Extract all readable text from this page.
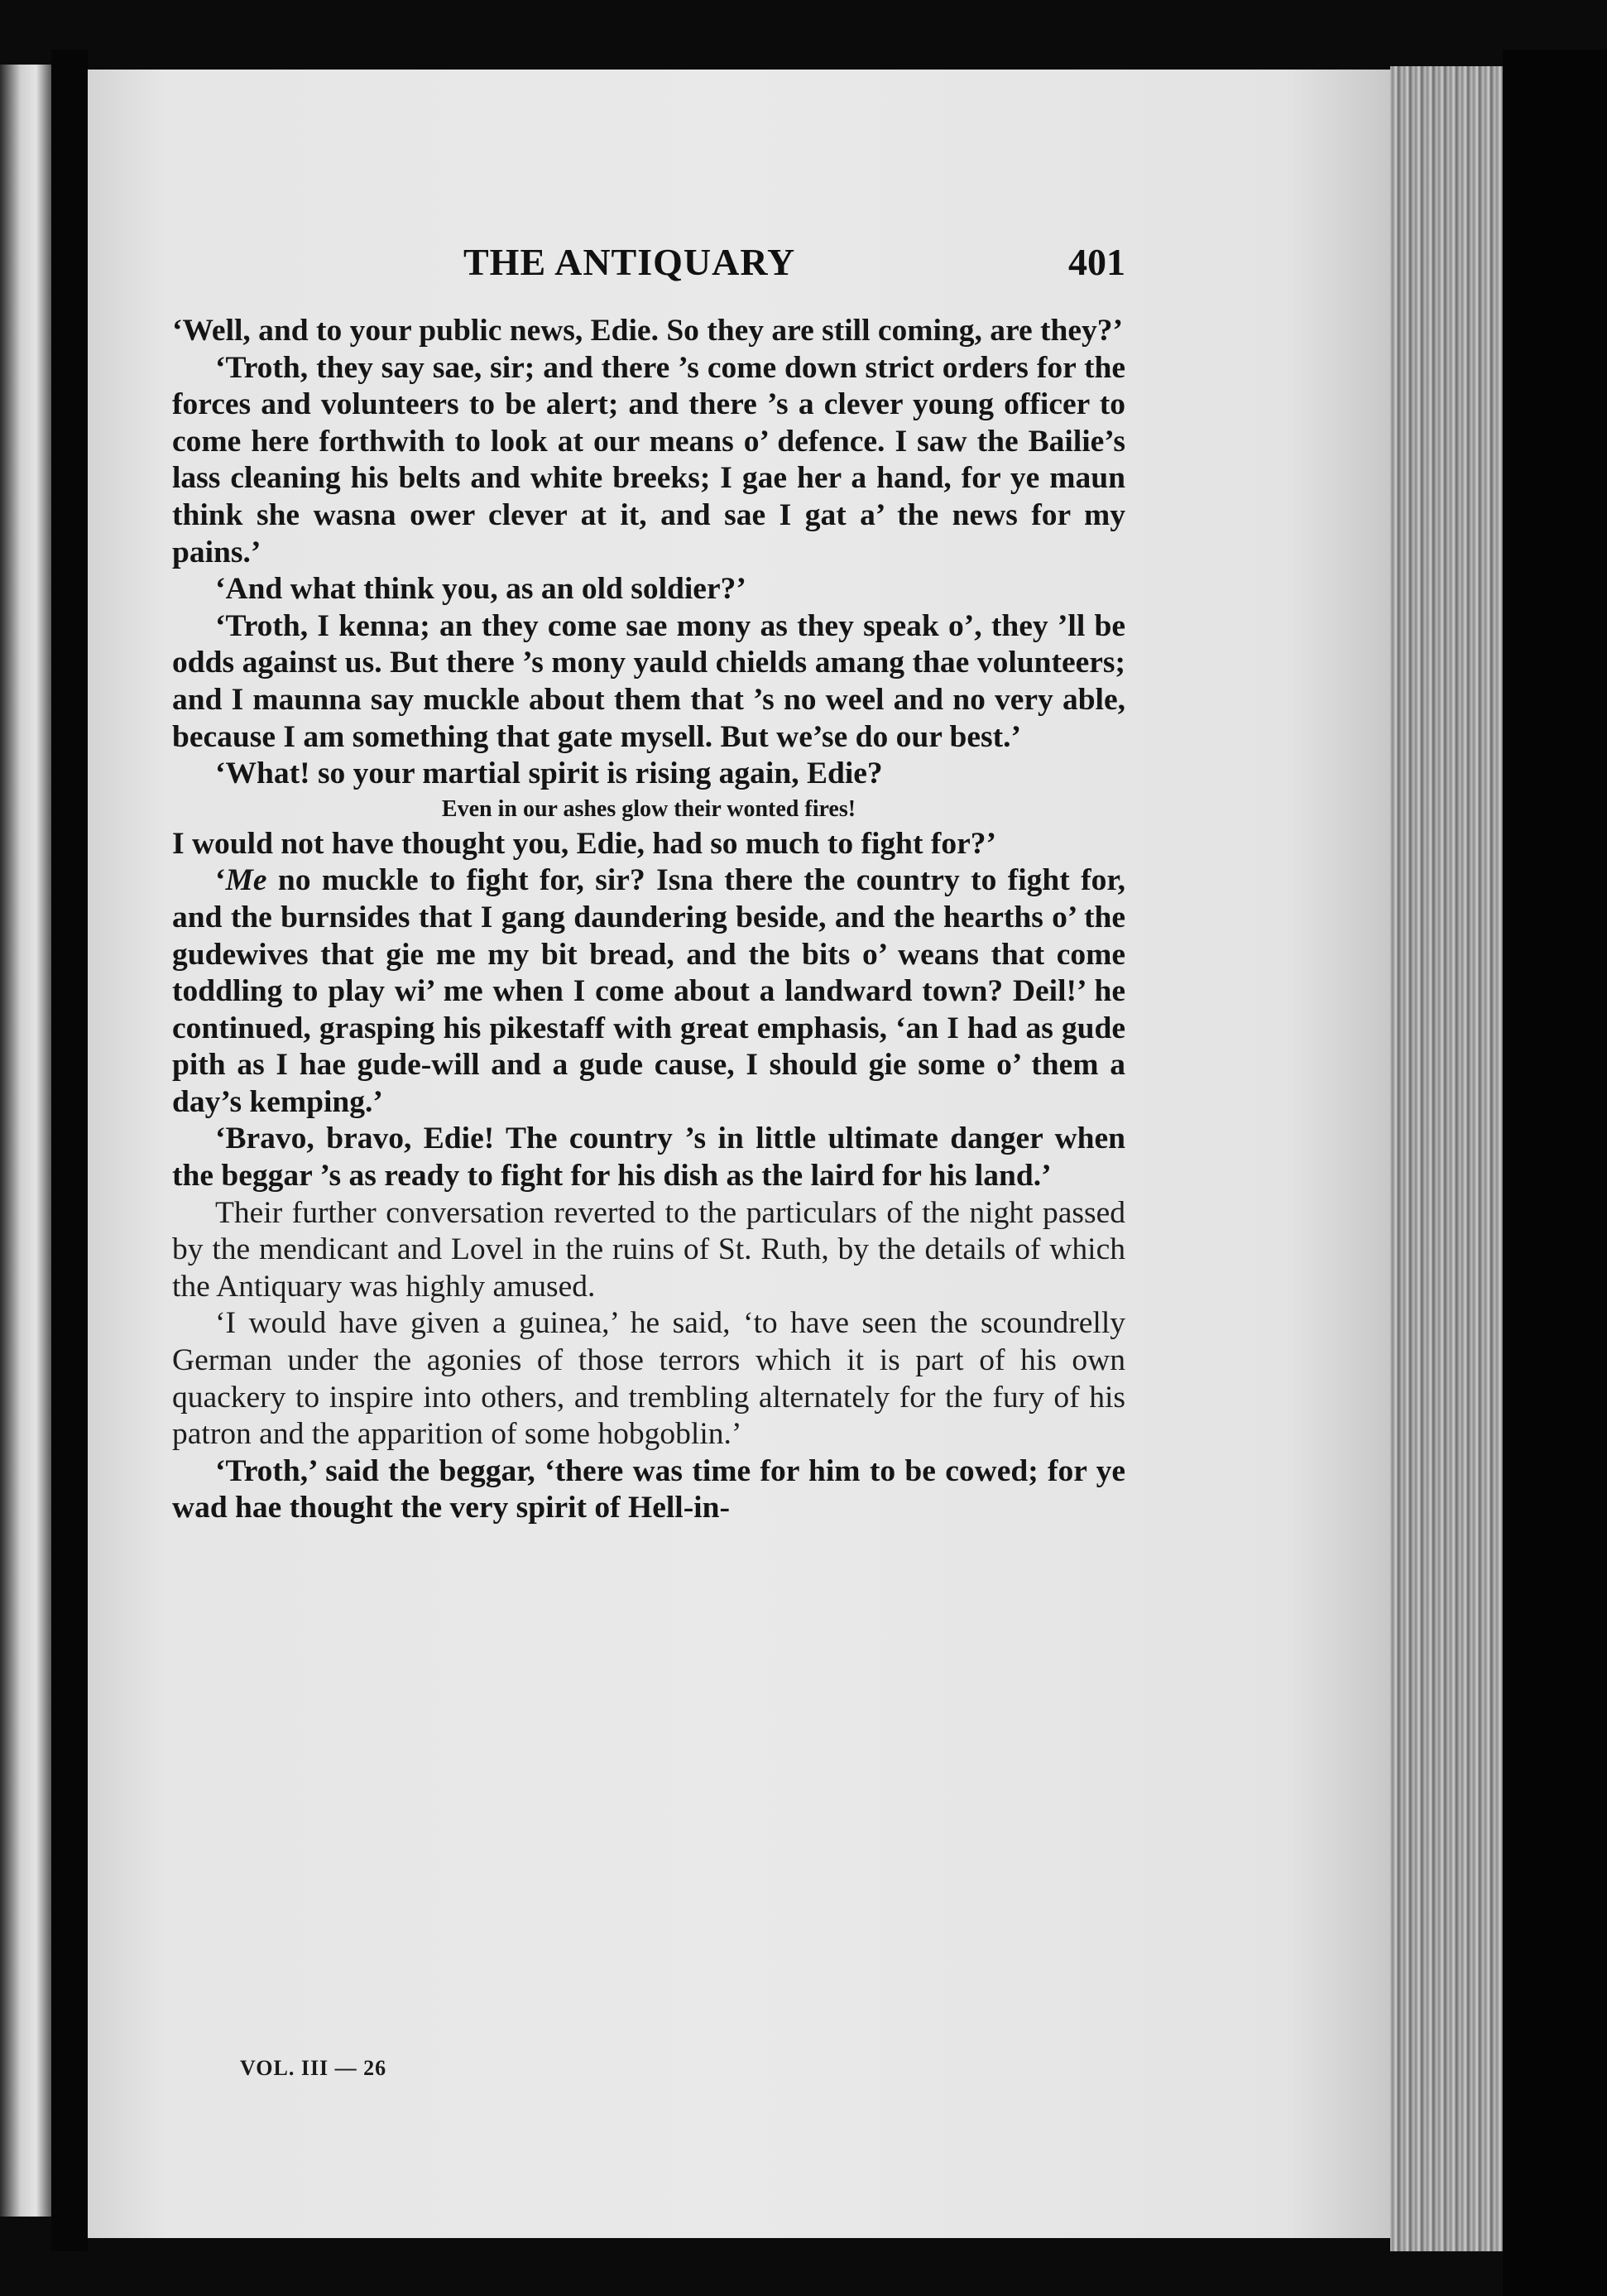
THE ANTIQUARY	401

‘Well, and to your public news, Edie. So they are still coming, are they?’

‘Troth, they say sae, sir; and there ’s come down strict orders for the forces and volunteers to be alert; and there ’s a clever young officer to come here forthwith to look at our means o’ defence. I saw the Bailie’s lass cleaning his belts and white breeks; I gae her a hand, for ye maun think she wasna ower clever at it, and sae I gat a’ the news for my pains.’

‘And what think you, as an old soldier?’

‘Troth, I kenna; an they come sae mony as they speak o’, they ’ll be odds against us. But there ’s mony yauld chields amang thae volunteers; and I maunna say muckle about them that ’s no weel and no very able, because I am something that gate mysell. But we’se do our best.’

‘What! so your martial spirit is rising again, Edie?

Even in our ashes glow their wonted fires!

I would not have thought you, Edie, had so much to fight for?’

‘Me no muckle to fight for, sir? Isna there the country to fight for, and the burnsides that I gang daundering beside, and the hearths o’ the gudewives that gie me my bit bread, and the bits o’ weans that come toddling to play wi’ me when I come about a landward town? Deil!’ he continued, grasping his pikestaff with great emphasis, ‘an I had as gude pith as I hae gude-will and a gude cause, I should gie some o’ them a day’s kemping.’

‘Bravo, bravo, Edie! The country ’s in little ultimate danger when the beggar ’s as ready to fight for his dish as the laird for his land.’

Their further conversation reverted to the particulars of the night passed by the mendicant and Lovel in the ruins of St. Ruth, by the details of which the Antiquary was highly amused.

‘I would have given a guinea,’ he said, ‘to have seen the scoundrelly German under the agonies of those terrors which it is part of his own quackery to inspire into others, and trembling alternately for the fury of his patron and the apparition of some hobgoblin.’

‘Troth,’ said the beggar, ‘there was time for him to be cowed; for ye wad hae thought the very spirit of Hell-in-

VOL. III — 26
